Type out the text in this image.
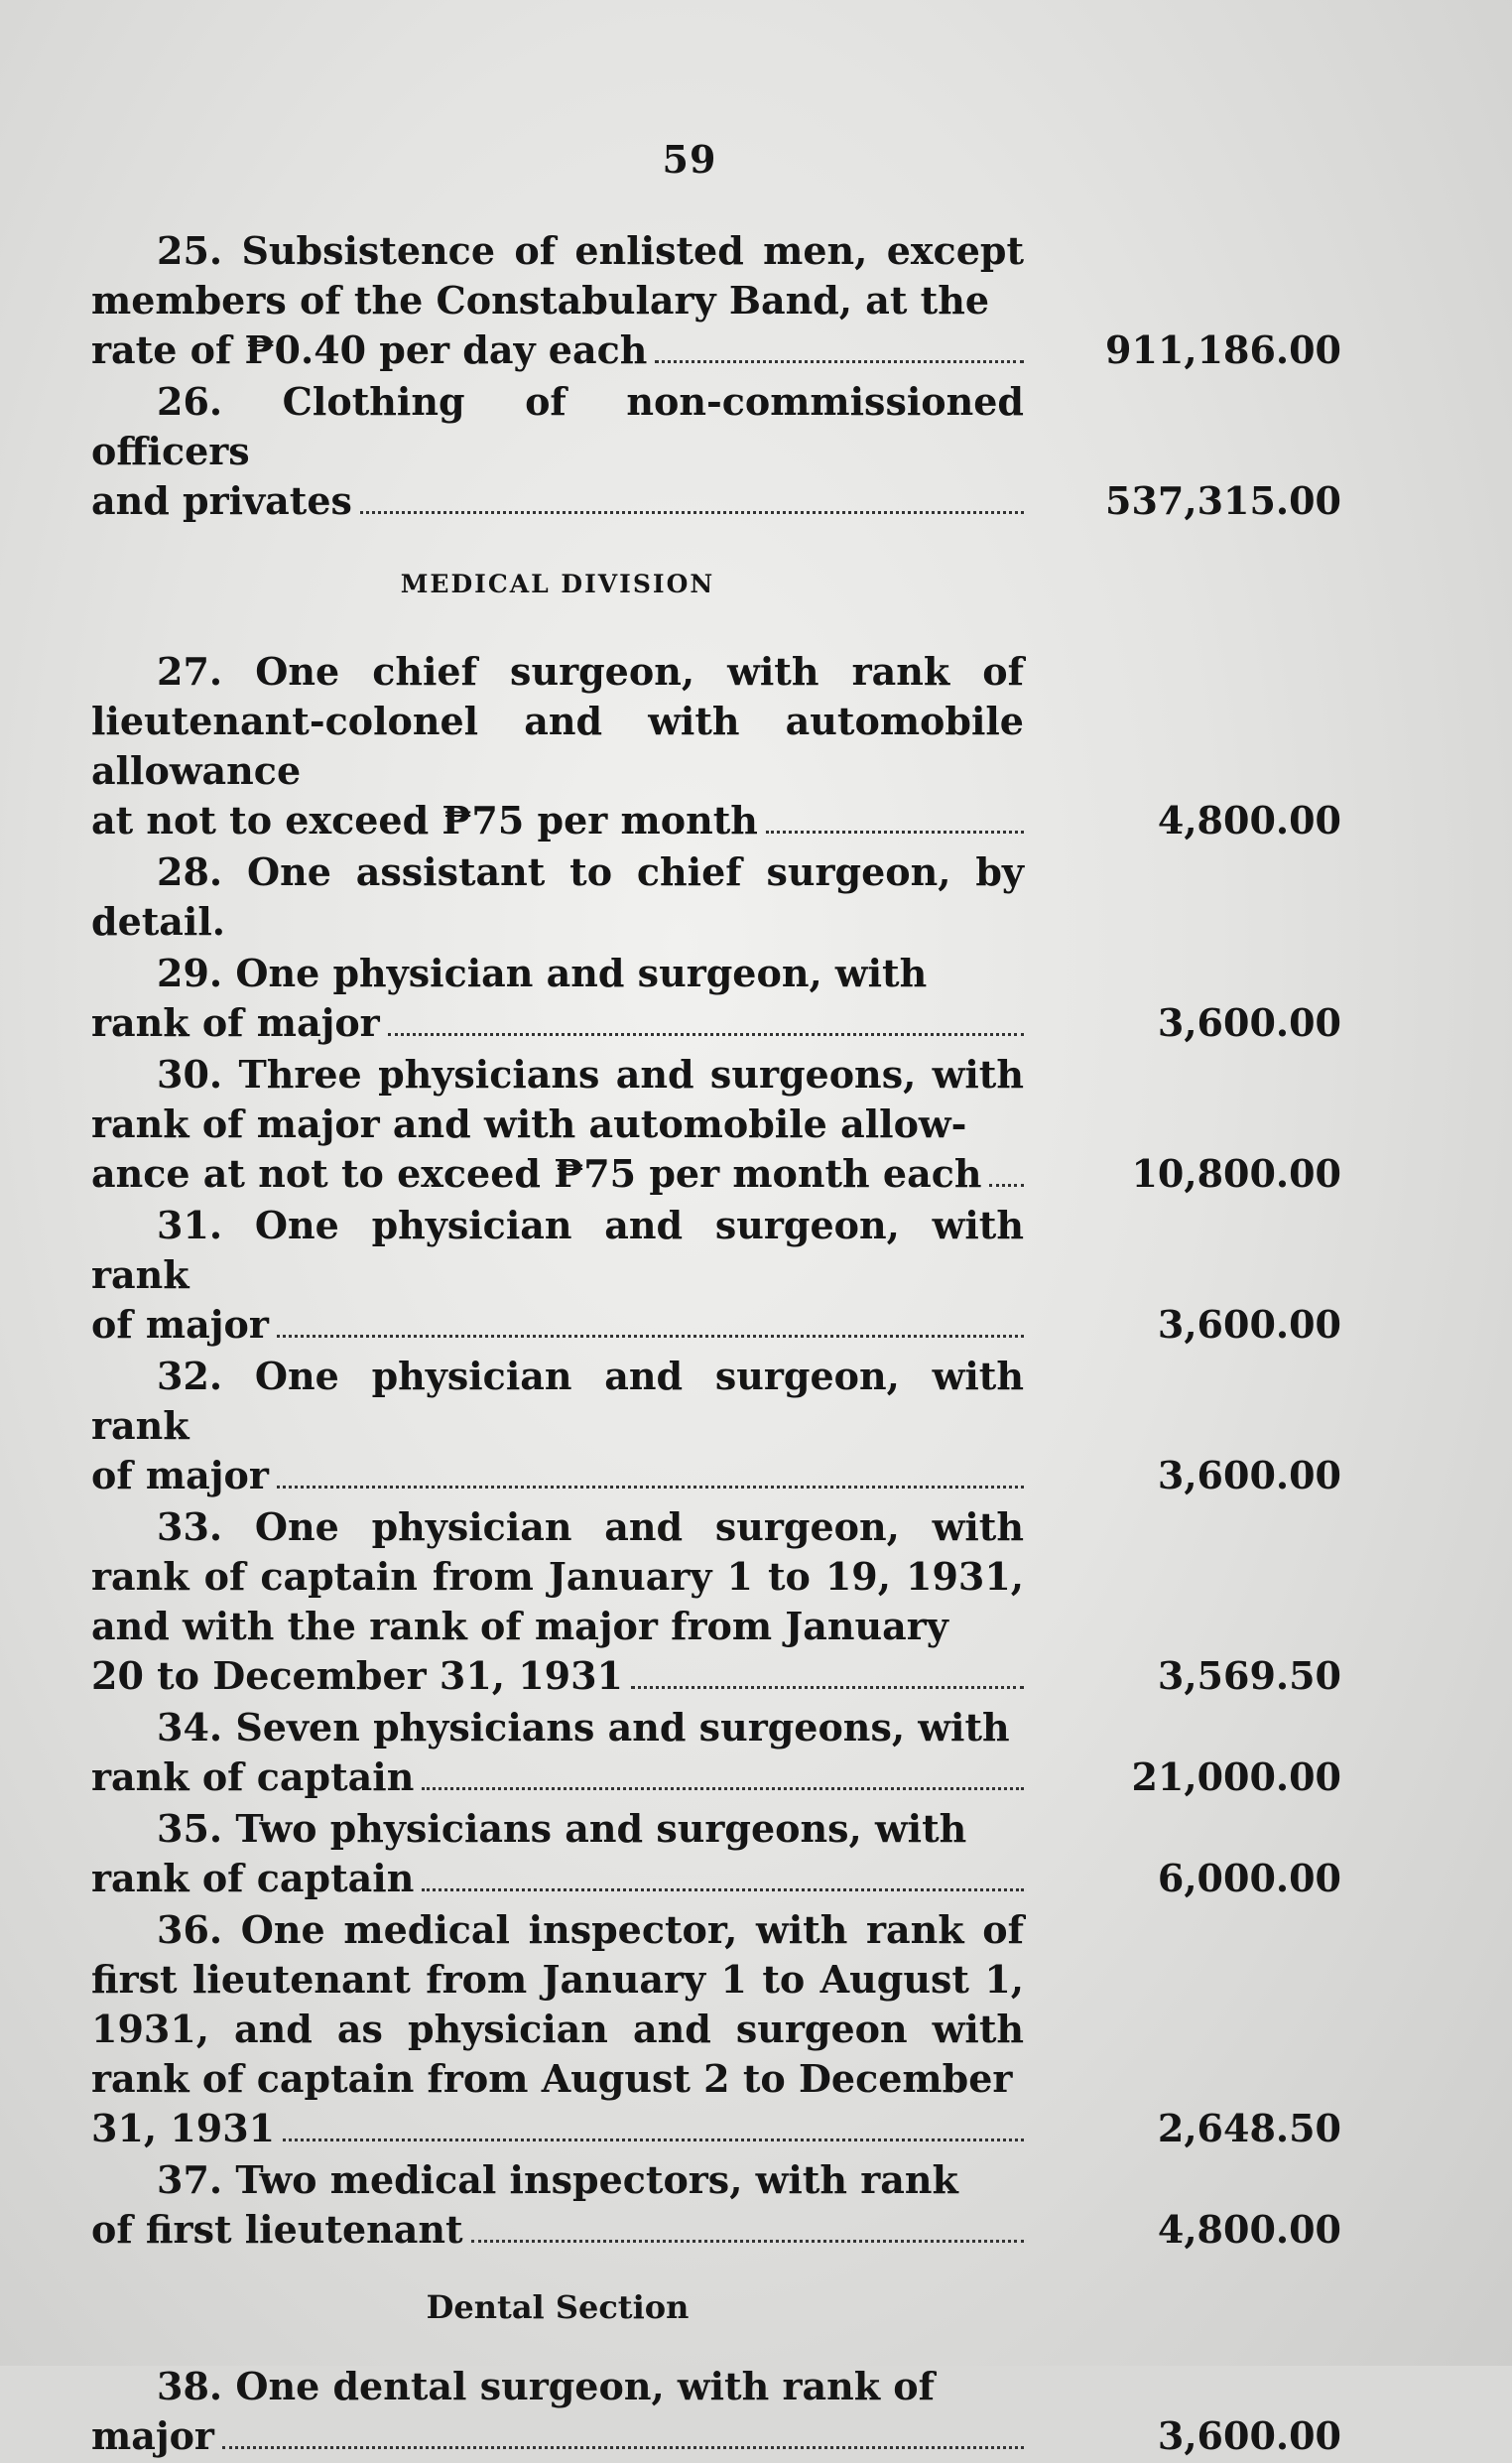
59
25. Subsistence of enlisted men, except members of the Constabulary Band, at the
rate of ₱0.40 per day each	911,186.00
26. Clothing of non-commissioned officers
and privates	537,315.00
MEDICAL DIVISION
27. One chief surgeon, with rank of lieutenant-colonel and with automobile allowance
at not to exceed ₱75 per month	4,800.00
28. One assistant to chief surgeon, by detail.
29. One physician and surgeon, with
rank of major	3,600.00
30. Three physicians and surgeons, with rank of major and with automobile allow-
ance at not to exceed ₱75 per month each	10,800.00
31. One physician and surgeon, with rank
of major	3,600.00
32. One physician and surgeon, with rank
of major	3,600.00
33. One physician and surgeon, with rank of captain from January 1 to 19, 1931, and with the rank of major from January
20 to December 31, 1931	3,569.50
34. Seven physicians and surgeons, with
rank of captain	21,000.00
35. Two physicians and surgeons, with
rank of captain	6,000.00
36. One medical inspector, with rank of first lieutenant from January 1 to August 1, 1931, and as physician and surgeon with rank of captain from August 2 to December
31, 1931	2,648.50
37. Two medical inspectors, with rank
of first lieutenant	4,800.00
Dental Section
38. One dental surgeon, with rank of
major	3,600.00
